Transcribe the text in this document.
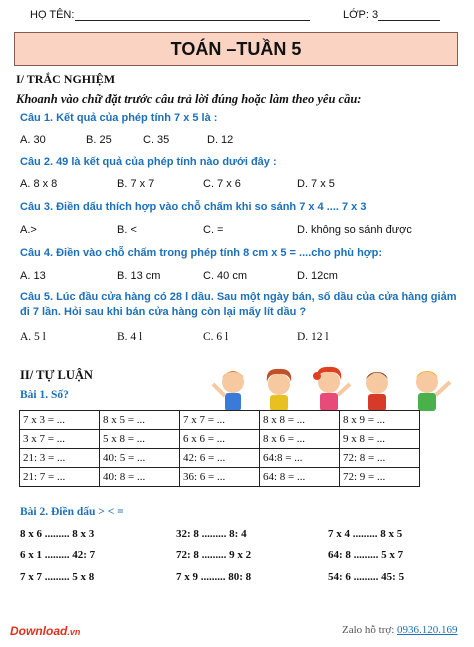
HỌ TÊN:	LỚP: 3
TOÁN –TUẦN 5
I/ TRẮC NGHIỆM
Khoanh vào chữ đặt trước câu trả lời đúng hoặc làm theo yêu cầu:
Câu 1. Kết quả của phép tính 7 x 5 là :
A. 30	B. 25	C. 35	D. 12
Câu 2. 49 là kết quả của phép tính nào dưới đây :
A. 8 x 8	B. 7 x 7	C. 7 x 6	D. 7 x 5
Câu 3. Điền dấu thích hợp vào chỗ chấm khi so sánh 7 x 4 .... 7 x 3
A.>	B. <	C. =	D. không so sánh được
Câu 4. Điền vào chỗ chấm trong phép tính 8 cm x 5 = ....cho phù hợp:
A. 13	B. 13 cm	C. 40 cm	D. 12cm
Câu 5. Lúc đầu cửa hàng có 28 l dầu. Sau một ngày bán, số dầu của cửa hàng giảm
đi 7 lần. Hỏi sau khi bán cửa hàng còn lại mấy lít dầu ?
A. 5 l	B. 4 l	C. 6 l	D. 12 l
II/ TỰ LUẬN
Bài 1. Số?
7 x 3 = ...	8 x 5 = ...	7 x 7 = ...	8 x 8 = ...	8 x 9 = ...
3 x 7 = ...	5 x 8 = ...	6 x 6 = ...	8 x 6 = ...	9 x 8 = ...
21: 3 = ...	40: 5 = ...	42: 6 = ...	64:8 = ...	72: 8 = ...
21: 7 = ...	40: 8 = ...	36: 6 = ...	64: 8 = ...	72: 9 = ...
Bài 2. Điền dấu > < =
8 x 6 ......... 8 x 3	32: 8 ......... 8: 4	7 x 4 ......... 8 x 5
6 x 1 ......... 42: 7	72: 8 ......... 9 x 2	64: 8 ......... 5 x 7
7 x 7 ......... 5 x 8	7 x 9 ......... 80: 8	54: 6 ......... 45: 5
Download.vn	Zalo hỗ trợ: 0936.120.169
